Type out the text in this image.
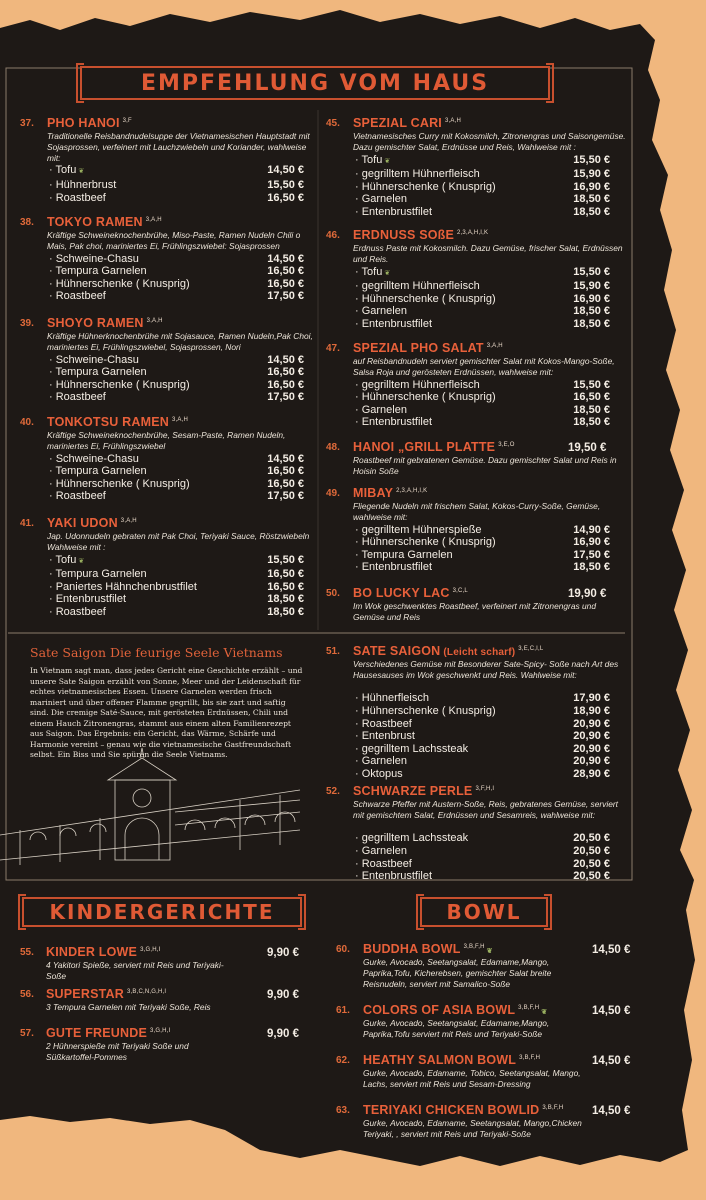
EMPFEHLUNG VOM HAUS
Sate Saigon Die feurige Seele Vietnams
In Vietnam sagt man, dass jedes Gericht eine Geschichte erzählt – und unsere Sate Saigon erzählt von Sonne, Meer und der Leidenschaft für echtes vietnamesisches Essen. Unsere Garnelen werden frisch mariniert und über offener Flamme gegrillt, bis sie zart und saftig sind. Die cremige Saté-Sauce, mit gerösteten Erdnüssen, Chili und einem Hauch Zitronengras, stammt aus einem alten Familienrezept aus Saigon. Das Ergebnis: ein Gericht, das Wärme, Schärfe und Harmonie vereint – genau wie die vietnamesische Gastfreundschaft selbst. Ein Biss und Sie spüren die Seele Vietnams.
KINDERGERICHTE	BOWL
37. PHO HANOI $^{3,F}$
Traditionelle Reisbandnudelsuppe der Vietnamesischen Hauptstadt mit Sojasprossen, verfeinert mit Lauchzwiebeln und Koriander, wahlweise mit:
· Tofu ❦	14,50 €
· Hühnerbrust	15,50 €
· Roastbeef	16,50 €
38. TOKYO RAMEN $^{3,A,H}$
Kräftige Schweineknochenbrühe, Miso-Paste, Ramen Nudeln Chili o Mais, Pak choi, mariniertes Ei, Frühlingszwiebel: Sojasprossen
· Schweine-Chasu	14,50 €
· Tempura Garnelen	16,50 €
· Hühnerschenke ( Knusprig)	16,50 €
· Roastbeef	17,50 €
39. SHOYO RAMEN $^{3,A,H}$
Kräftige Hühnerknochenbrühe mit Sojasauce, Ramen Nudeln,Pak Choi, mariniertes Ei, Frühlingszwiebel, Sojasprossen, Nori
· Schweine-Chasu	14,50 €
· Tempura Garnelen	16,50 €
· Hühnerschenke ( Knusprig)	16,50 €
· Roastbeef	17,50 €
40. TONKOTSU RAMEN $^{3,A,H}$
Kräftige Schweineknochenbrühe, Sesam-Paste, Ramen Nudeln, mariniertes Ei, Frühlingszwiebel
· Schweine-Chasu	14,50 €
· Tempura Garnelen	16,50 €
· Hühnerschenke ( Knusprig)	16,50 €
· Roastbeef	17,50 €
41. YAKI UDON $^{3,A,H}$
Jap. Udonnudeln gebraten mit Pak Choi, Teriyaki Sauce, Röstzwiebeln Wahlweise mit :
· Tofu ❦	15,50 €
· Tempura Garnelen	16,50 €
· Paniertes Hähnchenbrustfilet	16,50 €
· Entenbrustfilet	18,50 €
· Roastbeef	18,50 €
45. SPEZIAL CARI $^{3,A,H}$
Vietnamesisches Curry mit Kokosmilch, Zitronengras und Saisongemüse. Dazu gemischter Salat, Erdnüsse und Reis, Wahlweise mit :
· Tofu ❦	15,50 €
· gegrilltem Hühnerfleisch	15,90 €
· Hühnerschenke ( Knusprig)	16,90 €
· Garnelen	18,50 €
· Entenbrustfilet	18,50 €
46. ERDNUSS SOßE $^{2,3,A,H,I,K}$
Erdnuss Paste mit Kokosmilch. Dazu Gemüse, frischer Salat, Erdnüssen und Reis.
· Tofu ❦	15,50 €
· gegrilltem Hühnerfleisch	15,90 €
· Hühnerschenke ( Knusprig)	16,90 €
· Garnelen	18,50 €
· Entenbrustfilet	18,50 €
47. SPEZIAL PHO SALAT $^{3,A,H}$
auf Reisbandnudeln serviert gemischter Salat mit Kokos-Mango-Soße, Salsa Roja und gerösteten Erdnüssen, wahlweise mit:
· gegrilltem Hühnerfleisch	15,50 €
· Hühnerschenke ( Knusprig)	16,50 €
· Garnelen	18,50 €
· Entenbrustfilet	18,50 €
48. HANOI „GRILL PLATTE $^{3,E,O}$
Roastbeef mit gebratenen Gemüse. Dazu gemischter Salat und Reis in Hoisin Soße
19,50 €
49. MIBAY $^{2,3,A,H,I,K}$
Fliegende Nudeln mit frischem Salat, Kokos-Curry-Soße, Gemüse, wahlweise mit:
· gegrilltem Hühnerspieße	14,90 €
· Hühnerschenke ( Knusprig)	16,90 €
· Tempura Garnelen	17,50 €
· Entenbrustfilet	18,50 €
50. BO LUCKY LAC $^{3,C,L}$
Im Wok geschwenktes Roastbeef, verfeinert mit Zitronengras und Gemüse und Reis
19,90 €
51. SATE SAIGON (Leicht scharf) $^{3,E,C,I,L}$
Verschiedenes Gemüse mit Besonderer Sate-Spicy- Soße nach Art des Hausesauses im Wok geschwenkt und Reis. Wahlweise mit:
· Hühnerfleisch	17,90 €
· Hühnerschenke ( Knusprig)	18,90 €
· Roastbeef	20,90 €
· Entenbrust	20,90 €
· gegrilltem Lachssteak	20,90 €
· Garnelen	20,90 €
· Oktopus	28,90 €
52. SCHWARZE PERLE $^{3,F,H,I}$
Schwarze Pfeffer mit Austern-Soße, Reis, gebratenes Gemüse, serviert mit gemischtem Salat, Erdnüssen und Sesamreis, wahlweise mit:
· gegrilltem Lachssteak	20,50 €
· Garnelen	20,50 €
· Roastbeef	20,50 €
· Entenbrustfilet	20,50 €
55. KINDER LOWE $^{3,G,H,I}$
4 Yakitori Spieße, serviert mit Reis und Teriyaki-Soße
9,90 €
56. SUPERSTAR $^{3,B,C,N,G,H,I}$
3 Tempura Garnelen mit Teriyaki Soße, Reis
9,90 €
57. GUTE FREUNDE $^{3,G,H,I}$
2 Hühnerspieße mit Teriyaki Soße und Süßkartoffel-Pommes
9,90 €
60. BUDDHA BOWL $^{3,B,F,H}$❦
Gurke, Avocado, Seetangsalat, Edamame,Mango, Paprika,Tofu, Kicherebsen, gemischter Salat breite Reisnudeln, serviert mit Samalico-Soße
14,50 €
61. COLORS OF ASIA BOWL $^{3,B,F,H}$❦
Gurke, Avocado, Seetangsalat, Edamame,Mango, Paprika,Tofu serviert mit Reis und Teriyaki-Soße
14,50 €
62. HEATHY SALMON BOWL $^{3,B,F,H}$
Gurke, Avocado, Edamame, Tobico, Seetangsalat, Mango, Lachs, serviert mit Reis und Sesam-Dressing
14,50 €
63. TERIYAKI CHICKEN BOWLID $^{3,B,F,H}$
Gurke, Avocado, Edamame, Seetangsalat, Mango,Chicken Teriyaki, , serviert mit Reis und Teriyaki-Soße
14,50 €
